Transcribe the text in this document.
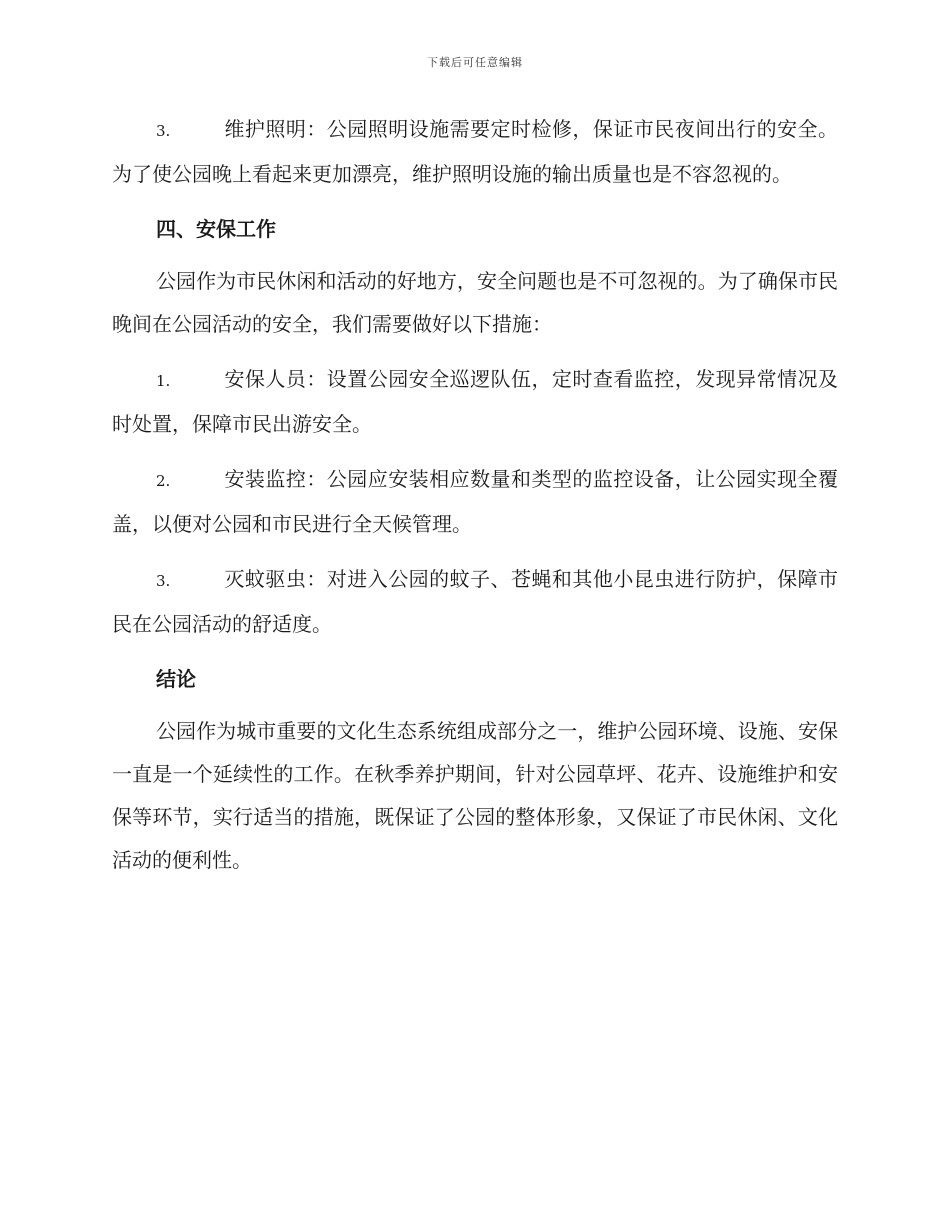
下载后可任意编辑

3.	维护照明：公园照明设施需要定时检修，保证市民夜间出行的安全。为了使公园晚上看起来更加漂亮，维护照明设施的输出质量也是不容忽视的。

四、安保工作

公园作为市民休闲和活动的好地方，安全问题也是不可忽视的。为了确保市民晚间在公园活动的安全，我们需要做好以下措施：

1.	安保人员：设置公园安全巡逻队伍，定时查看监控，发现异常情况及时处置，保障市民出游安全。

2.	安装监控：公园应安装相应数量和类型的监控设备，让公园实现全覆盖，以便对公园和市民进行全天候管理。

3.	灭蚊驱虫：对进入公园的蚊子、苍蝇和其他小昆虫进行防护，保障市民在公园活动的舒适度。

结论

公园作为城市重要的文化生态系统组成部分之一，维护公园环境、设施、安保一直是一个延续性的工作。在秋季养护期间，针对公园草坪、花卉、设施维护和安保等环节，实行适当的措施，既保证了公园的整体形象，又保证了市民休闲、文化活动的便利性。
